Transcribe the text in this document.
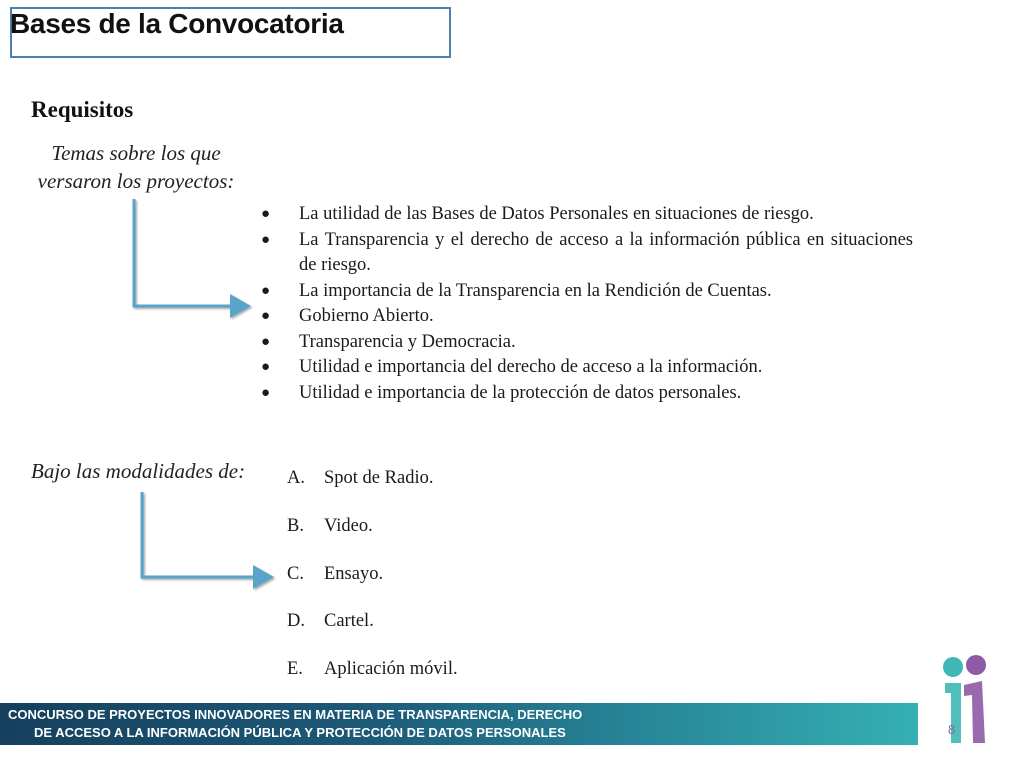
Bases de la Convocatoria
Requisitos
Temas sobre los que versaron los proyectos:
● La utilidad de las Bases de Datos Personales en situaciones de riesgo.
● La Transparencia y el derecho de acceso a la información pública en situaciones de riesgo.
● La importancia de la Transparencia en la Rendición de Cuentas.
● Gobierno Abierto.
● Transparencia y Democracia.
● Utilidad e importancia del derecho de acceso a la información.
● Utilidad e importancia de la protección de datos personales.
Bajo las modalidades de: A.	Spot de Radio.
B.	Video.
C.	Ensayo.
D.	Cartel.
E.	Aplicación móvil.
CONCURSO DE PROYECTOS INNOVADORES EN MATERIA DE TRANSPARENCIA, DERECHO

DE ACCESO A LA INFORMACIÓN PÚBLICA Y PROTECCIÓN DE DATOS PERSONALES	8
